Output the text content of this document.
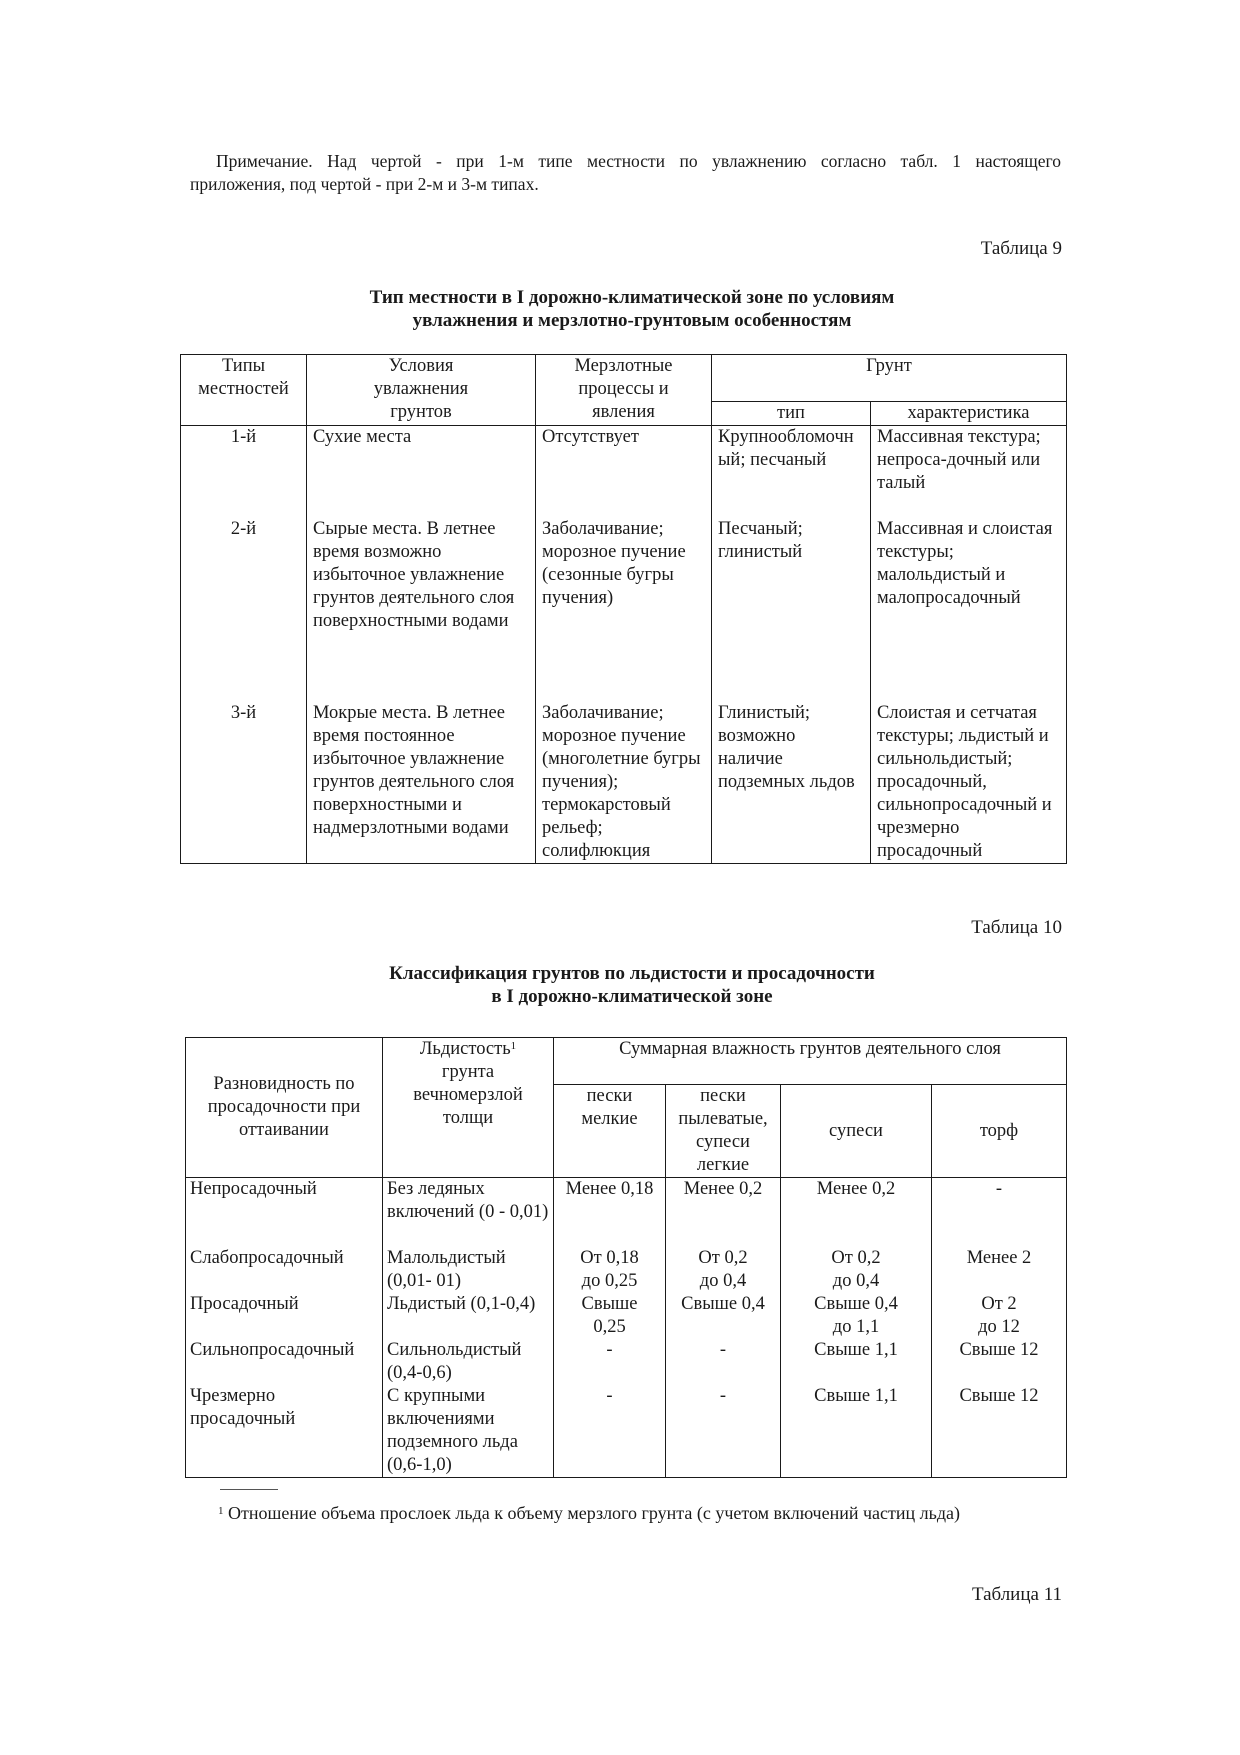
Примечание. Над чертой - при 1-м типе местности по увлажнению согласно табл. 1 настоящего
приложения, под чертой - при 2-м и 3-м типах.
Таблица 9
Тип местности в I дорожно-климатической зоне по условиям
увлажнения и мерзлотно-грунтовым особенностям
Типы местностей	Условия увлажнения грунтов	Мерзлотные процессы и явления	Грунт	
			тип	характеристика
1-й	Сухие места	Отсутствует	Крупнообломочный; песчаный	Массивная текстура; непроса-дочный или талый
2-й	Сырые места. В летнее время возможно избыточное увлажнение грунтов деятельного слоя поверхностными водами	Заболачивание; морозное пучение (сезонные бугры пучения)	Песчаный; глинистый	Массивная и слоистая текстуры; малольдистый и малопросадочный
3-й	Мокрые места. В летнее время постоянное избыточное увлажнение грунтов деятельного слоя поверхностными и надмерзлотными водами	Заболачивание; морозное пучение (многолетние бугры пучения); термокарстовый рельеф; солифлюкция	Глинистый; возможно наличие подземных льдов	Слоистая и сетчатая текстуры; льдистый и сильнольдистый; просадочный, сильнопросадочный и чрезмерно просадочный
Таблица 10
Классификация грунтов по льдистости и просадочности
в I дорожно-климатической зоне
Разновидность по просадочности при оттаивании	Льдистость$^1$ грунта вечномерзлой толщи	Суммарная влажность грунтов деятельного слоя			
		пески мелкие	пески пылеватые, супеси легкие	супеси	торф
Непросадочный	Без ледяных включений (0 - 0,01)	Менее 0,18	Менее 0,2	Менее 0,2	-
Слабопросадочный	Малольдистый (0,01- 01)	От 0,18 до 0,25	От 0,2 до 0,4	От 0,2 до 0,4	Менее 2
Просадочный	Льдистый (0,1-0,4)	Свыше 0,25	Свыше 0,4	Свыше 0,4 до 1,1	От 2 до 12
Сильнопросадочный	Сильнольдистый (0,4-0,6)	-	-	Свыше 1,1	Свыше 12
Чрезмерно просадочный	С крупными включениями подземного льда (0,6-1,0)	-	-	Свыше 1,1	Свыше 12
$^1$ Отношение объема прослоек льда к объему мерзлого грунта (с учетом включений частиц льда)
Таблица 11
